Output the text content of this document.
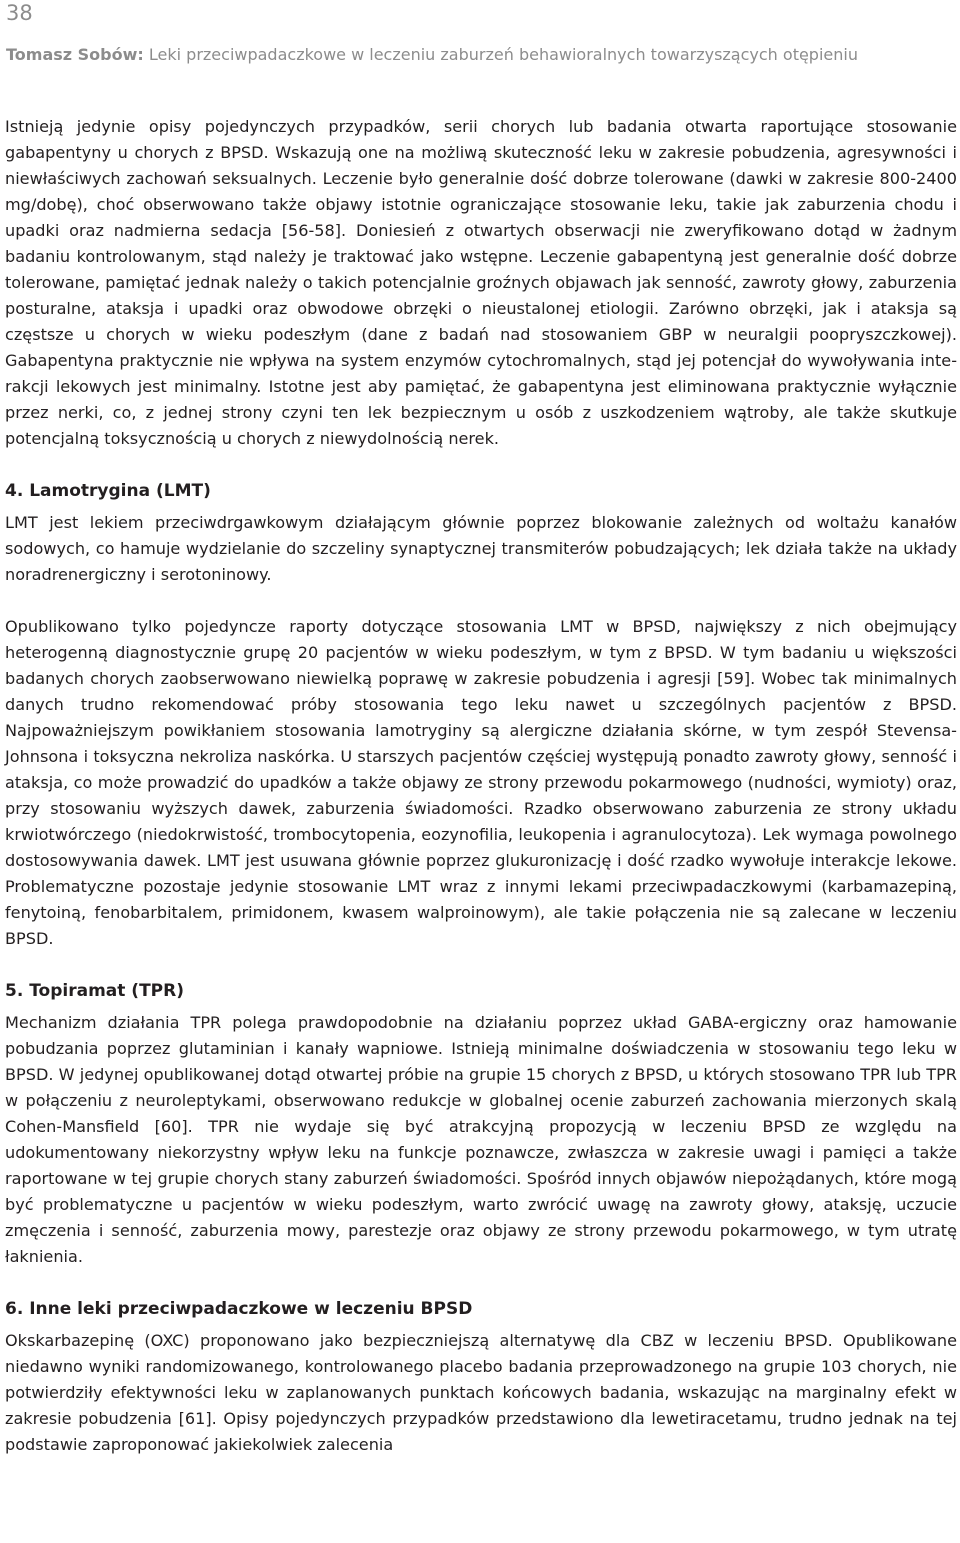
38
Tomasz Sobów: Leki przeciwpadaczkowe w leczeniu zaburzeń behawioralnych towarzyszących otępieniu

Istnieją jedynie opisy pojedynczych przypadków, serii chorych lub badania otwarta raportujące stosowanie gabapentyny u chorych z BPSD. Wskazują one na możliwą skuteczność leku w zakresie pobudzenia, agresywności i niewłaściwych zachowań seksualnych. Leczenie było generalnie dość dobrze tolerowane (dawki w zakresie 800-2400 mg/dobę), choć obserwowano także objawy istotnie ograniczające stosowanie leku, takie jak zaburzenia chodu i upadki oraz nadmierna sedacja [56-58]. Doniesień z otwartych obserwacji nie zweryfikowano dotąd w żadnym badaniu kontrolowanym, stąd należy je traktować jako wstępne. Leczenie gabapentyną jest generalnie dość dobrze tolerowane, pamiętać jednak należy o takich potencjalnie groźnych objawach jak senność, zawroty głowy, zaburzenia posturalne, ataksja i upadki oraz obwodowe obrzęki o nieustalonej etiologii. Zarówno obrzęki, jak i ataksja są częstsze u chorych w wieku podeszłym (dane z badań nad stosowaniem GBP w neuralgii poopryszczkowej). Gabapentyna praktycznie nie wpływa na system enzymów cytochromalnych, stąd jej potencjał do wywoływania interakcji lekowych jest minimalny. Istotne jest aby pamiętać, że gabapentyna jest eliminowana praktycznie wyłącznie przez nerki, co, z jednej strony czyni ten lek bezpiecznym u osób z uszkodzeniem wątroby, ale także skutkuje potencjalną toksycznością u chorych z niewydolnością nerek.

4. Lamotrygina (LMT)

LMT jest lekiem przeciwdrgawkowym działającym głównie poprzez blokowanie zależnych od woltażu kanałów sodowych, co hamuje wydzielanie do szczeliny synaptycznej transmiterów pobudzających; lek działa także na układy noradrenergiczny i serotoninowy.

Opublikowano tylko pojedyncze raporty dotyczące stosowania LMT w BPSD, największy z nich obejmujący heterogenną diagnostycznie grupę 20 pacjentów w wieku podeszłym, w tym z BPSD. W tym badaniu u większości badanych chorych zaobserwowano niewielką poprawę w zakresie pobudzenia i agresji [59]. Wobec tak minimalnych danych trudno rekomendować próby stosowania tego leku nawet u szczególnych pacjentów z BPSD. Najpoważniejszym powikłaniem stosowania lamotryginy są alergiczne działania skórne, w tym zespół Stevensa-Johnsona i toksyczna nekroliza naskórka. U starszych pacjentów częściej występują ponadto zawroty głowy, senność i ataksja, co może prowadzić do upadków a także objawy ze strony przewodu pokarmowego (nudności, wymioty) oraz, przy stosowaniu wyższych dawek, zaburzenia świadomości. Rzadko obserwowano zaburzenia ze strony układu krwiotwórczego (niedokrwistość, trombocytopenia, eozynofilia, leukopenia i agranulocytoza). Lek wymaga powolnego dostosowywania dawek. LMT jest usuwana głównie poprzez glukuronizację i dość rzadko wywołuje interakcje lekowe. Problematyczne pozostaje jedynie stosowanie LMT wraz z innymi lekami przeciwpadaczkowymi (karbamazepiną, fenytoiną, fenobarbitalem, primidonem, kwasem walproinowym), ale takie połączenia nie są zalecane w leczeniu BPSD.

5. Topiramat (TPR)

Mechanizm działania TPR polega prawdopodobnie na działaniu poprzez układ GABA-ergiczny oraz hamowanie pobudzania poprzez glutaminian i kanały wapniowe. Istnieją minimalne doświadczenia w stosowaniu tego leku w BPSD. W jedynej opublikowanej dotąd otwartej próbie na grupie 15 chorych z BPSD, u których stosowano TPR lub TPR w połączeniu z neuroleptykami, obserwowano redukcje w globalnej ocenie zaburzeń zachowania mierzonych skalą Cohen-Mansfield [60]. TPR nie wydaje się być atrakcyjną propozycją w leczeniu BPSD ze względu na udokumentowany niekorzystny wpływ leku na funkcje poznawcze, zwłaszcza w zakresie uwagi i pamięci a także raportowane w tej grupie chorych stany zaburzeń świadomości. Spośród innych objawów niepożądanych, które mogą być problematyczne u pacjentów w wieku podeszłym, warto zwrócić uwagę na zawroty głowy, ataksję, uczucie zmęczenia i senność, zaburzenia mowy, parestezje oraz objawy ze strony przewodu pokarmowego, w tym utratę łaknienia.

6. Inne leki przeciwpadaczkowe w leczeniu BPSD

Okskarbazepinę (OXC) proponowano jako bezpieczniejszą alternatywę dla CBZ w leczeniu BPSD. Opublikowane niedawno wyniki randomizowanego, kontrolowanego placebo badania przeprowadzonego na grupie 103 chorych, nie potwierdziły efektywności leku w zaplanowanych punktach końcowych badania, wskazując na marginalny efekt w zakresie pobudzenia [61]. Opisy pojedynczych przypadków przedstawiono dla lewetiracetamu, trudno jednak na tej podstawie zaproponować jakiekolwiek zalecenia
